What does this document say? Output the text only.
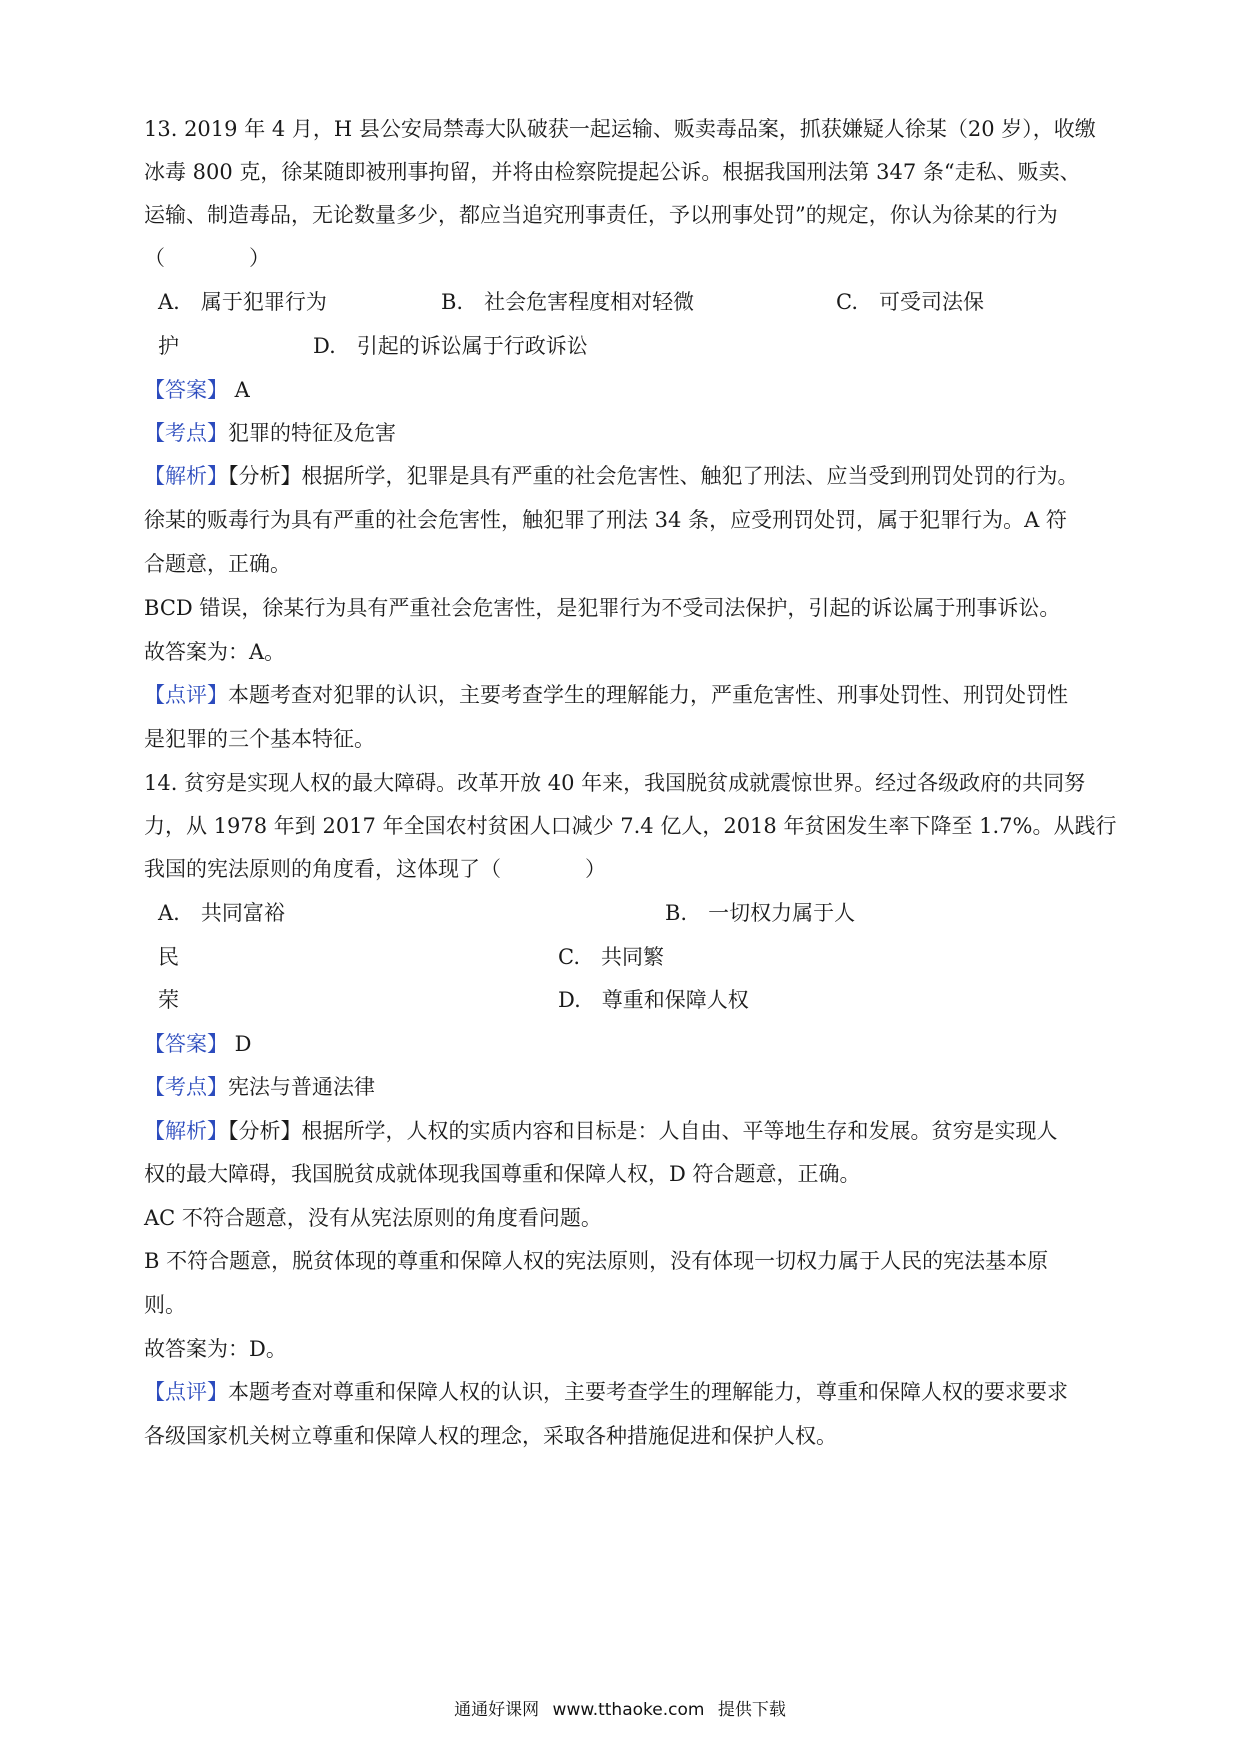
13. 2019 年 4 月，H 县公安局禁毒大队破获一起运输、贩卖毒品案，抓获嫌疑人徐某（20 岁），收缴
冰毒 800 克，徐某随即被刑事拘留，并将由检察院提起公诉。根据我国刑法第 347 条“走私、贩卖、
运输、制造毒品，无论数量多少，都应当追究刑事责任，予以刑事处罚”的规定，你认为徐某的行为
（　　　　）
A.　属于犯罪行为	B.　社会危害程度相对轻微	C.　可受司法保
护	D.　引起的诉讼属于行政诉讼
【答案】 A
【考点】犯罪的特征及危害
【解析】【分析】根据所学，犯罪是具有严重的社会危害性、触犯了刑法、应当受到刑罚处罚的行为。
徐某的贩毒行为具有严重的社会危害性，触犯罪了刑法 34 条，应受刑罚处罚，属于犯罪行为。A 符
合题意，正确。
BCD 错误，徐某行为具有严重社会危害性，是犯罪行为不受司法保护，引起的诉讼属于刑事诉讼。
故答案为：A。
【点评】本题考查对犯罪的认识，主要考查学生的理解能力，严重危害性、刑事处罚性、刑罚处罚性
是犯罪的三个基本特征。
14. 贫穷是实现人权的最大障碍。改革开放 40 年来，我国脱贫成就震惊世界。经过各级政府的共同努
力，从 1978 年到 2017 年全国农村贫困人口减少 7.4 亿人，2018 年贫困发生率下降至 1.7%。从践行
我国的宪法原则的角度看，这体现了（　　　　）
A.　共同富裕	B.　一切权力属于人
民	C.　共同繁
荣	D.　尊重和保障人权
【答案】 D
【考点】宪法与普通法律
【解析】【分析】根据所学，人权的实质内容和目标是：人自由、平等地生存和发展。贫穷是实现人
权的最大障碍，我国脱贫成就体现我国尊重和保障人权，D 符合题意，正确。
AC 不符合题意，没有从宪法原则的角度看问题。
B 不符合题意，脱贫体现的尊重和保障人权的宪法原则，没有体现一切权力属于人民的宪法基本原
则。
故答案为：D。
【点评】本题考查对尊重和保障人权的认识，主要考查学生的理解能力，尊重和保障人权的要求要求
各级国家机关树立尊重和保障人权的理念，采取各种措施促进和保护人权。
通通好课网 www.tthaoke.com 提供下载
